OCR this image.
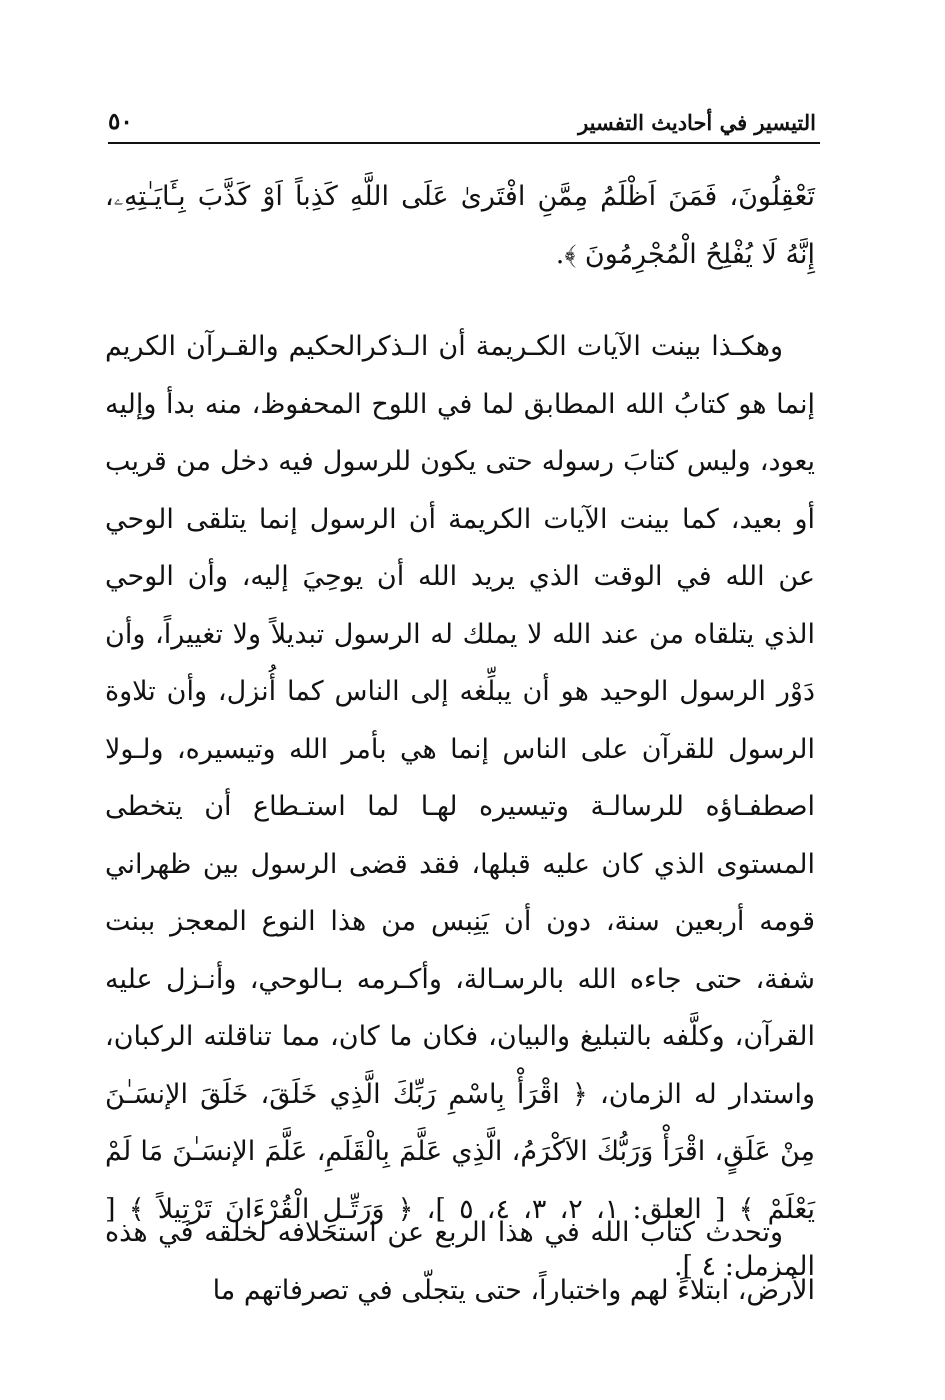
التيسير في أحاديث التفسير
٥٠

تَعْقِلُونَ، فَمَنَ اَظْلَمُ مِمَّنِ افْتَرىٰ عَلَى اللَّهِ كَذِباً اَوْ كَذَّبَ بِـَٔايَـٰتِهِۦ، إِنَّهُ لَا يُفْلِحُ الْمُجْرِمُونَ ﴾.

وهكـذا بينت الآيات الكـريمة أن الـذكرالحكيم والقـرآن الكريم إنما هو كتابُ الله المطابق لما في اللوح المحفوظ، منه بدأ وإليه يعود، وليس كتابَ رسوله حتى يكون للرسول فيه دخل من قريب أو بعيد، كما بينت الآيات الكريمة أن الرسول إنما يتلقى الوحي عن الله في الوقت الذي يريد الله أن يوحِيَ إليه، وأن الوحي الذي يتلقاه من عند الله لا يملك له الرسول تبديلاً ولا تغييراً، وأن دَوْر الرسول الوحيد هو أن يبلِّغه إلى الناس كما أُنزل، وأن تلاوة الرسول للقرآن على الناس إنما هي بأمر الله وتيسيره، ولـولا اصطفـاؤه للرسالـة وتيسيره لهـا لما استـطاع أن يتخطى المستوى الذي كان عليه قبلها، فقد قضى الرسول بين ظهراني قومه أربعين سنة، دون أن يَنِبس من هذا النوع المعجز ببنت شفة، حتى جاءه الله بالرسـالة، وأكـرمه بـالوحي، وأنـزل عليه القرآن، وكلَّفه بالتبليغ والبيان، فكان ما كان، مما تناقلته الركبان، واستدار له الزمان، ﴿ اقْرَأْ بِاسْمِ رَبِّكَ الَّذِي خَلَقَ، خَلَقَ الإنسَـٰنَ مِنْ عَلَقٍ، اقْرَأْ وَرَبُّكَ الاَكْرَمُ، الَّذِي عَلَّمَ بِالْقَلَمِ، عَلَّمَ الإنسَـٰنَ مَا لَمْ يَعْلَمْ ﴾ [ العلق: ١، ٢، ٣، ٤، ٥ ]، ﴿ وَرَتِّـلِ الْقُرْءَانَ تَرْتِيلاً ﴾ [ المزمل: ٤ ].

وتحدث كتاب الله في هذا الربع عن استخلافه لخلقه في هذه الأرض، ابتلاءً لهم واختباراً، حتى يتجلّى في تصرفاتهم ما
